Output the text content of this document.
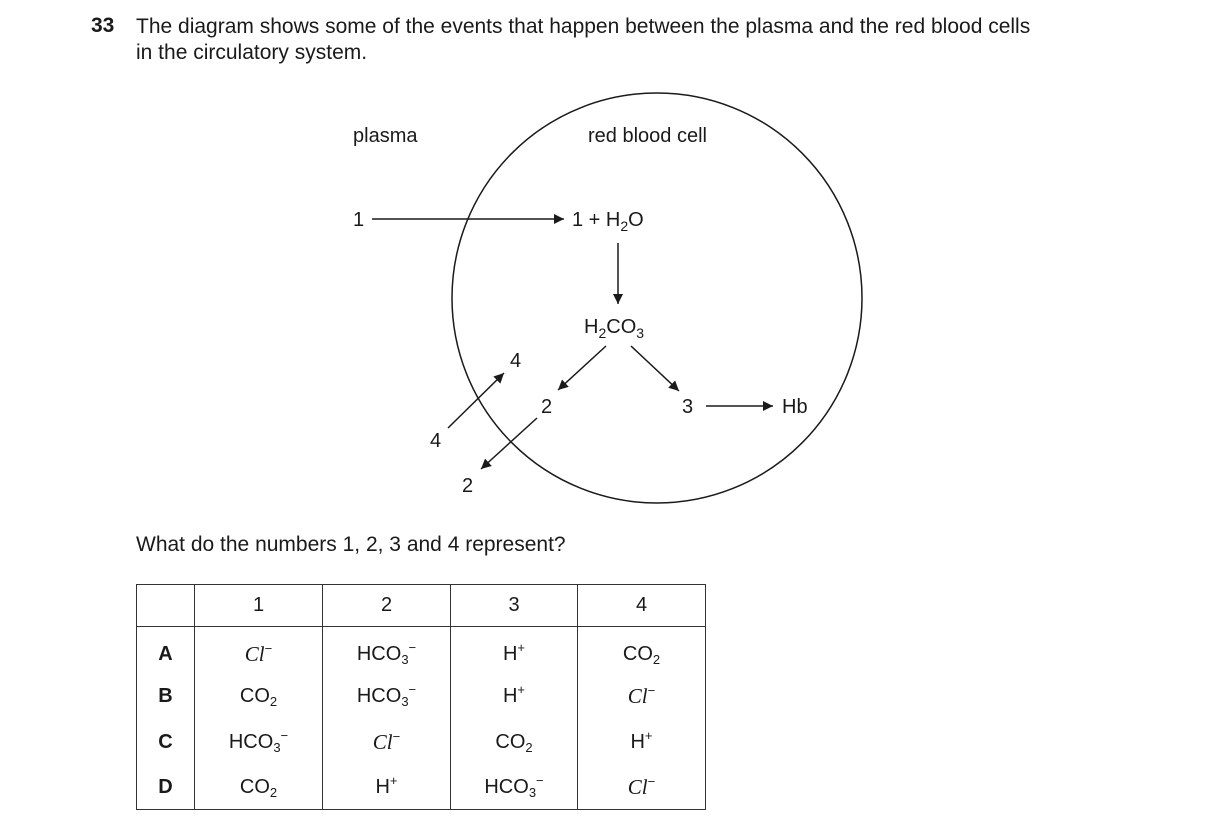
33 The diagram shows some of the events that happen between the plasma and the red blood cells
in the circulatory system.
plasma	red blood cell
1	$1 + H_2O$
$H_2CO_3$
2	3	Hb
4
4
2
What do the numbers 1, 2, 3 and 4 represent?
	1	2	3	4
A	Cl−	$HCO_3^-$	H+	$CO_2$
B	$CO_2$	$HCO_3^-$	H+	Cl−
C	$HCO_3^-$	Cl−	$CO_2$	H+
D	$CO_2$	H+	$HCO_3^-$	Cl−
